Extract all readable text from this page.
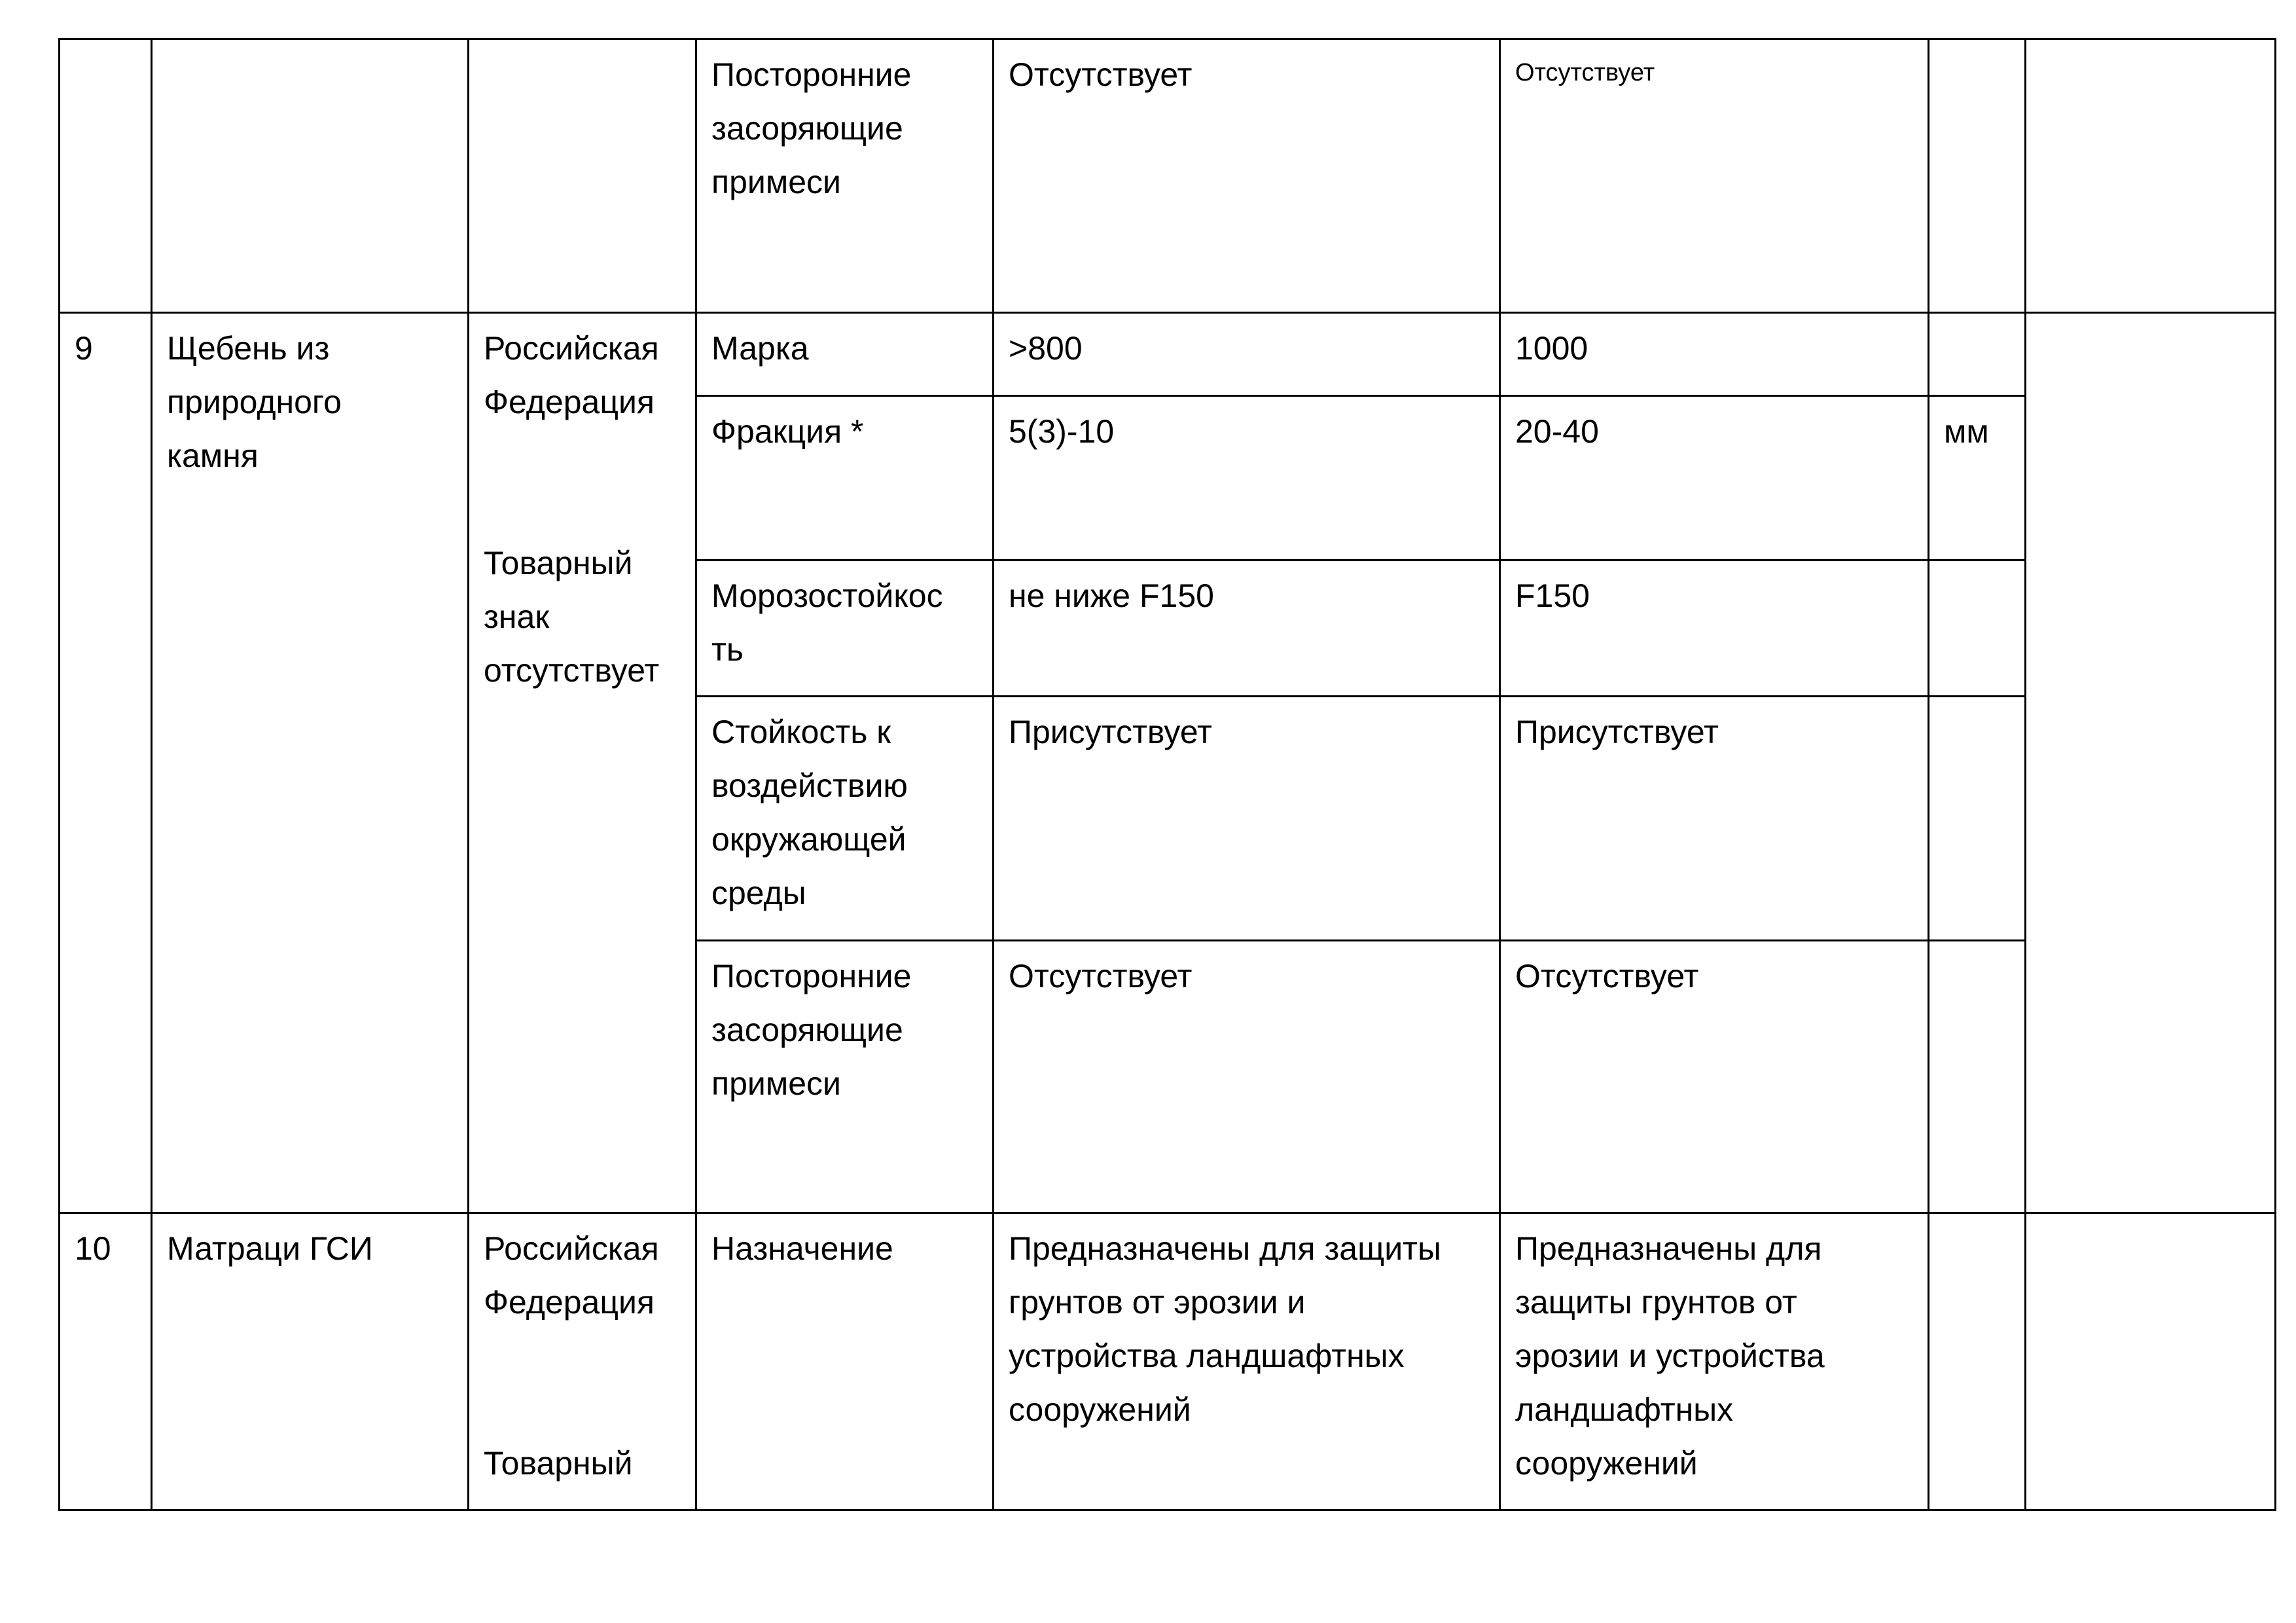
			Посторонние
засоряющие
примеси	Отсутствует	Отсутствует		
9	Щебень из
природного
камня	Российская
Федерация
Товарный
знак
отсутствует	Марка	>800	1000		
			Фракция *	5(3)-10	20-40	мм	
			Морозостойкос
ть	не ниже F150	F150		
			Стойкость к
воздействию
окружающей
среды	Присутствует	Присутствует		
			Посторонние
засоряющие
примеси	Отсутствует	Отсутствует		
10	Матраци ГСИ	Российская
Федерация
Товарный	Назначение	Предназначены для защиты
грунтов от эрозии и
устройства ландшафтных
сооружений	Предназначены для
защиты грунтов от
эрозии и устройства
ландшафтных
сооружений		
